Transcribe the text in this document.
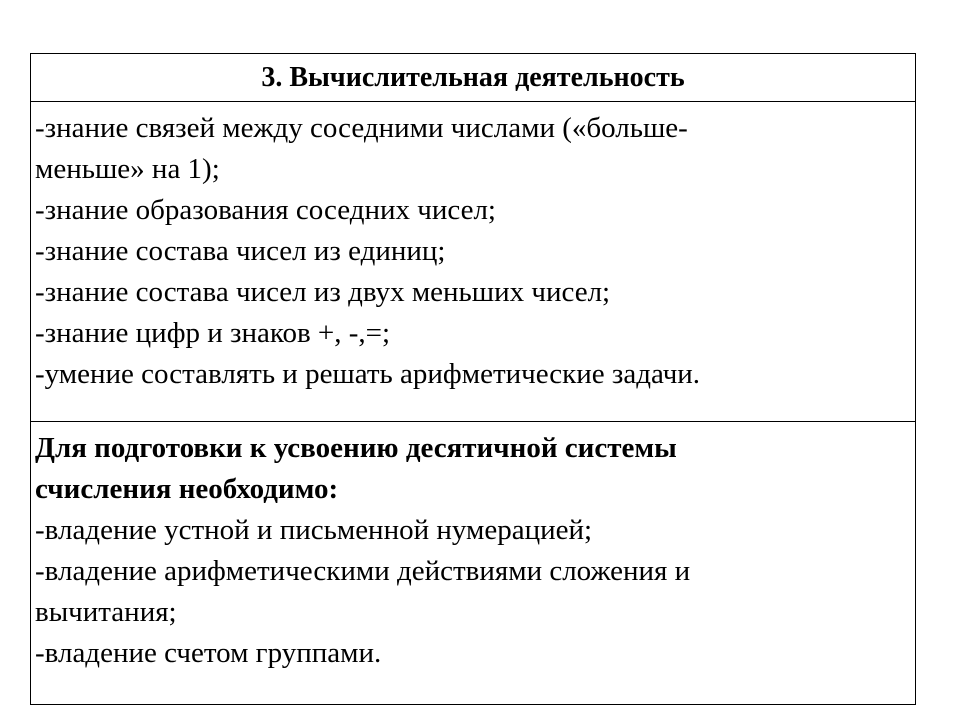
3. Вычислительная деятельность

-знание связей между соседними числами («больше-
меньше» на 1);
-знание образования соседних чисел;
-знание состава чисел из единиц;
-знание состава чисел из двух меньших чисел;
-знание цифр и знаков +, -,=;
-умение составлять и решать арифметические задачи.

Для подготовки к усвоению десятичной системы
счисления необходимо:
-владение устной и письменной нумерацией;
-владение арифметическими действиями сложения и
вычитания;
-владение счетом группами.
